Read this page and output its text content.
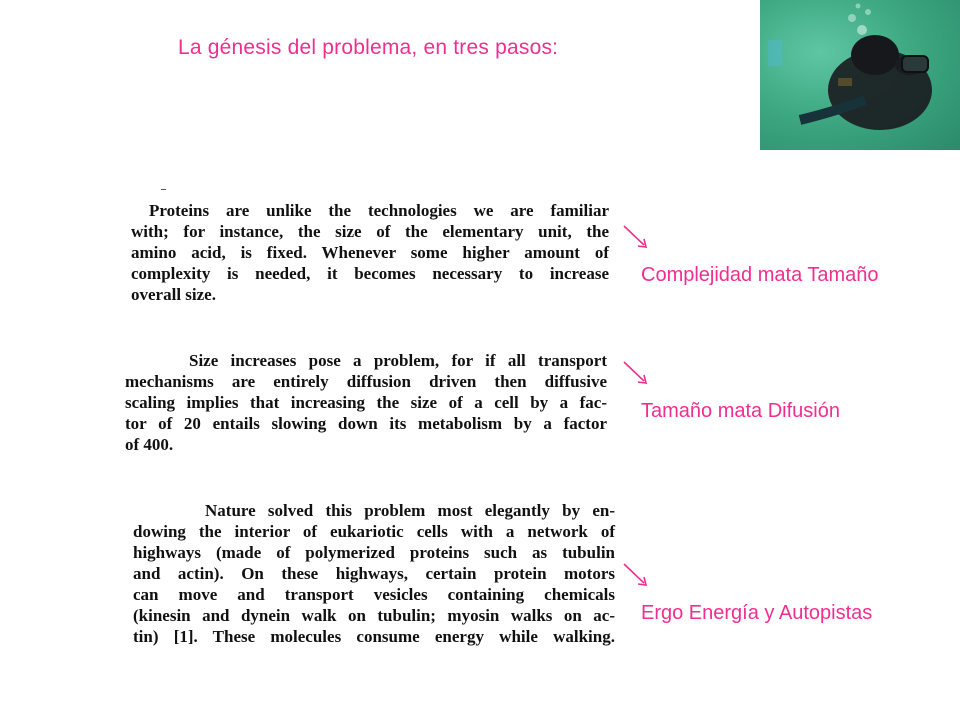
La génesis del problema, en tres pasos:
Proteins are unlike the technologies we are familiar
with; for instance, the size of the elementary unit, the
amino acid, is fixed. Whenever some higher amount of
complexity is needed, it becomes necessary to increase
overall size.
Size increases pose a problem, for if all transport
mechanisms are entirely diffusion driven then diffusive
scaling implies that increasing the size of a cell by a fac-
tor of 20 entails slowing down its metabolism by a factor
of 400.
Nature solved this problem most elegantly by en-
dowing the interior of eukariotic cells with a network of
highways (made of polymerized proteins such as tubulin
and actin). On these highways, certain protein motors
can move and transport vesicles containing chemicals
(kinesin and dynein walk on tubulin; myosin walks on ac-
tin) [1]. These molecules consume energy while walking.
Complejidad mata Tamaño
Tamaño mata Difusión
Ergo Energía y Autopistas
